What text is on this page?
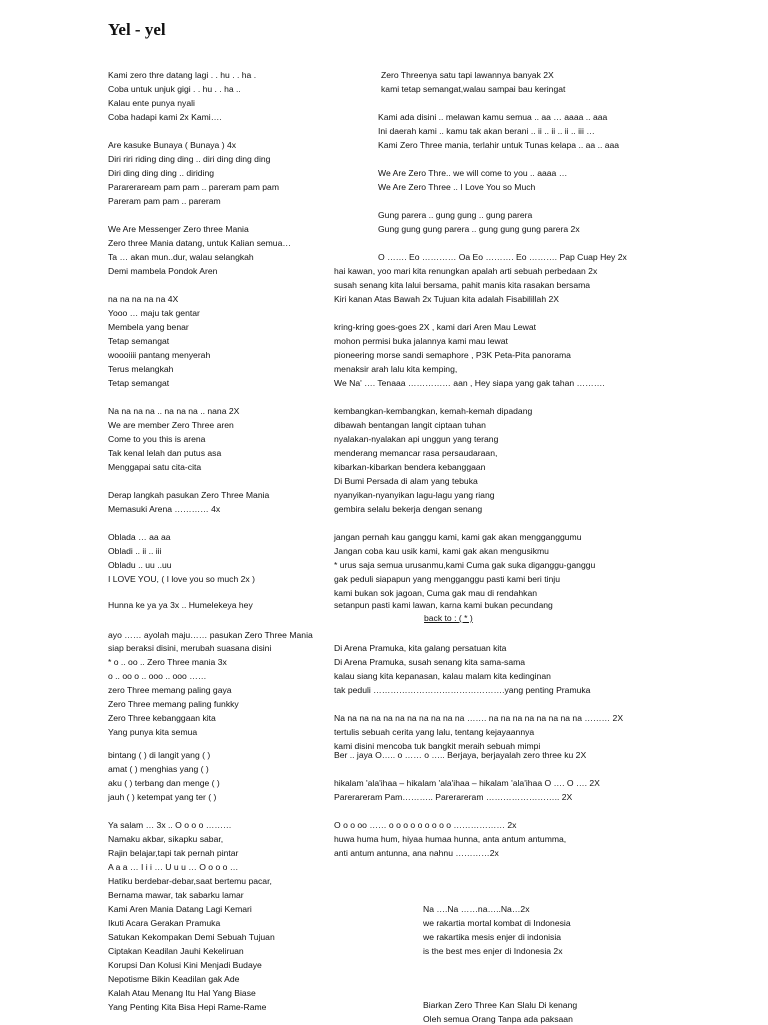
Yel - yel
Kami zero thre datang lagi . . hu . . ha .
Coba untuk unjuk gigi . . hu . . ha ..
Kalau ente punya nyali
Coba hadapi kami 2x Kami….
Are kasuke Bunaya ( Bunaya ) 4x
Diri riri riding ding ding .. diri ding ding ding
Diri ding ding ding .. diriding
Parareraream pam pam .. pareram pam pam
Pareram pam pam .. pareram
We Are Messenger Zero three Mania
Zero three Mania datang, untuk Kalian semua…
Ta … akan mun..dur, walau selangkah
Demi mambela Pondok Aren
na na na na na 4X
Yooo … maju tak gentar
Membela yang benar
Tetap semangat
woooiiii pantang menyerah
Terus melangkah
Tetap semangat
Na na na na .. na na na .. nana 2X
We are member Zero Three aren
Come to you this is arena
Tak kenal lelah dan putus asa
Menggapai satu cita-cita
Derap langkah pasukan Zero Three Mania
Memasuki Arena ………… 4x
Oblada … aa aa
Obladi .. ii .. iii
Obladu .. uu ..uu
I LOVE YOU, ( I love you so much 2x )
Hunna ke ya ya 3x .. Humelekeya hey
ayo …… ayolah maju…… pasukan Zero Three Mania
siap beraksi disini, merubah suasana disini
* o .. oo .. Zero Three mania 3x
o .. oo o .. ooo .. ooo ……
zero Three memang paling gaya
Zero Three memang paling funkky
Zero Three kebanggaan kita
Yang punya kita semua
bintang ( ) di langit yang ( )
amat ( ) menghias yang ( )
aku ( ) terbang dan menge ( )
jauh ( ) ketempat yang ter ( )
Ya salam … 3x .. O o o o ………
Namaku akbar, sikapku sabar,
Rajin belajar,tapi tak pernah pintar
A a a … I i i … U u u … O o o o …
Hatiku berdebar-debar,saat bertemu pacar,
Bernama mawar, tak sabarku lamar
Kami Aren Mania Datang Lagi Kemari
Ikuti Acara Gerakan Pramuka
Satukan Kekompakan Demi Sebuah Tujuan
Ciptakan Keadilan Jauhi Kekeliruan
Korupsi Dan Kolusi Kini Menjadi Budaye
Nepotisme Bikin Keadilan gak Ade
Kalah Atau Menang Itu Hal Yang Biase
Yang Penting Kita Bisa Hepi Rame-Rame
Zero Threenya satu tapi lawannya banyak 2X
kami tetap semangat,walau sampai bau keringat
Kami ada disini .. melawan kamu semua .. aa … aaaa .. aaa
Ini daerah kami .. kamu tak akan berani .. ii .. ii .. ii .. iii …
Kami Zero Three mania, terlahir untuk Tunas kelapa .. aa .. aaa
We Are Zero Thre.. we will come to you .. aaaa …
We Are Zero Three .. I Love You so Much
Gung parera .. gung gung .. gung parera
Gung gung gung parera .. gung gung gung parera 2x
O ……. Eo ………… Oa Eo ………. Eo ………. Pap Cuap Hey 2x
hai kawan, yoo mari kita renungkan apalah arti sebuah perbedaan 2x
susah senang kita lalui bersama, pahit manis kita rasakan bersama
Kiri kanan Atas Bawah 2x Tujuan kita adalah Fisabilillah 2X
kring-kring goes-goes 2X , kami dari Aren Mau Lewat
mohon permisi buka jalannya kami mau lewat
pioneering morse sandi semaphore , P3K Peta-Pita panorama
menaksir arah lalu kita kemping,
We Na' …. Tenaaa …………… aan , Hey siapa yang gak tahan ……….
kembangkan-kembangkan, kemah-kemah dipadang
dibawah bentangan langit ciptaan tuhan
nyalakan-nyalakan api unggun yang terang
menderang memancar rasa persaudaraan,
kibarkan-kibarkan bendera kebanggaan
Di Bumi Persada di alam yang tebuka
nyanyikan-nyanyikan lagu-lagu yang riang
gembira selalu bekerja dengan senang
jangan pernah kau ganggu kami, kami gak akan mengganggumu
Jangan coba kau usik kami, kami gak akan mengusikmu
* urus saja semua urusanmu,kami Cuma gak suka diganggu-ganggu
gak peduli siapapun yang mengganggu pasti kami beri tinju
kami bukan sok jagoan, Cuma gak mau di rendahkan
setanpun pasti kami lawan, karna kami bukan pecundang
back to : ( * )
Di Arena Pramuka, kita galang persatuan kita
Di Arena Pramuka, susah senang kita sama-sama
kalau siang kita kepanasan, kalau malam kita kedinginan
tak peduli ……………………………………….yang penting Pramuka
Na na na na na na na na na na na ……. na na na na na na na na ……… 2X
tertulis sebuah cerita yang lalu, tentang kejayaannya
kami disini mencoba tuk bangkit meraih sebuah mimpi
Ber .. jaya O….. o …… o ….. Berjaya, berjayalah zero three ku 2X
hikalam 'ala'ihaa – hikalam 'ala'ihaa – hikalam 'ala'ihaa O …. O …. 2X
Parerareram Pam……….. Parerareram …………………….. 2X
O o o oo …… o o o o o o o o o ……………… 2x
huwa huma hum, hiyaa humaa hunna, anta antum antumma,
anti antum antunna, ana nahnu …………2x
Na ….Na ……na…..Na…2x
we rakartia mortal kombat di Indonesia
we rakartika mesis enjer di indonisia
is the best mes enjer di Indonesia 2x
Biarkan Zero Three Kan Slalu Di kenang
Oleh semua Orang Tanpa ada paksaan
